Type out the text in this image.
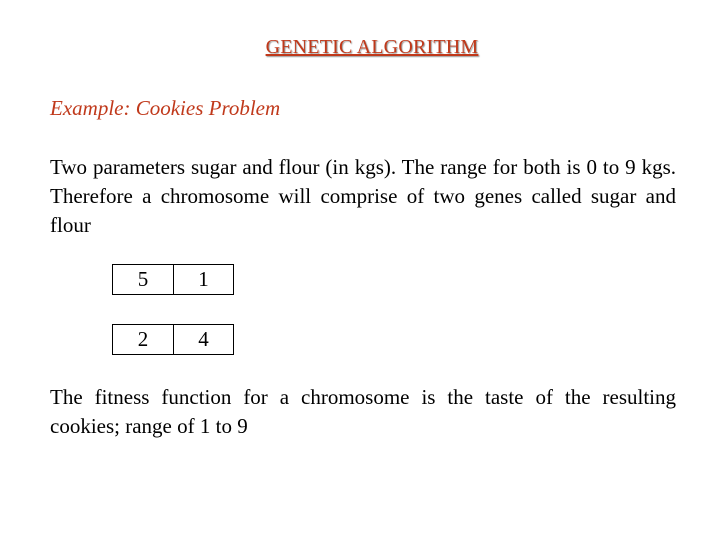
GENETIC ALGORITHM
Example: Cookies Problem
Two parameters sugar and flour (in kgs). The range for both is 0 to 9 kgs. Therefore a chromosome will comprise of two genes called sugar and flour
5	1
2	4
The fitness function for a chromosome is the taste of the resulting cookies; range of 1 to 9
